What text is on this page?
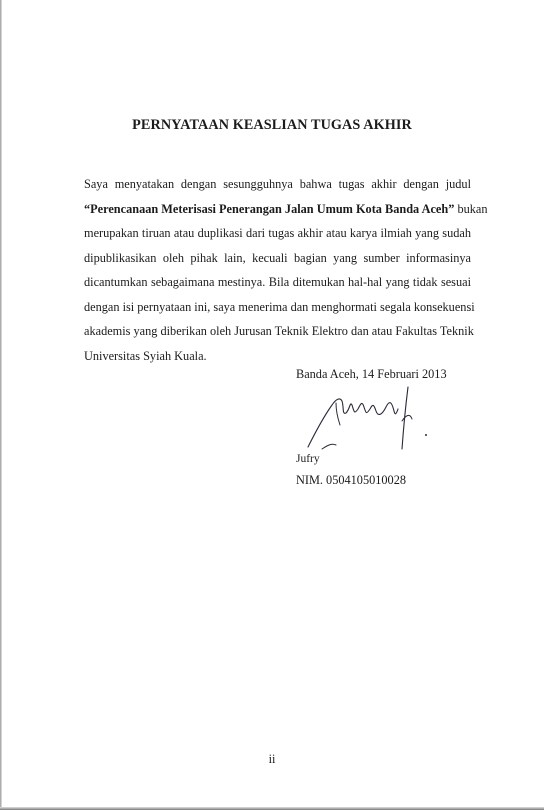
PERNYATAAN KEASLIAN TUGAS AKHIR

Saya menyatakan dengan sesungguhnya bahwa tugas akhir dengan judul
“Perencanaan Meterisasi Penerangan Jalan Umum Kota Banda Aceh” bukan
merupakan tiruan atau duplikasi dari tugas akhir atau karya ilmiah yang sudah
dipublikasikan oleh pihak lain, kecuali bagian yang sumber informasinya
dicantumkan sebagaimana mestinya. Bila ditemukan hal-hal yang tidak sesuai
dengan isi pernyataan ini, saya menerima dan menghormati segala konsekuensi
akademis yang diberikan oleh Jurusan Teknik Elektro dan atau Fakultas Teknik
Universitas Syiah Kuala.

Banda Aceh, 14 Februari 2013
Jufry
NIM. 0504105010028
ii
